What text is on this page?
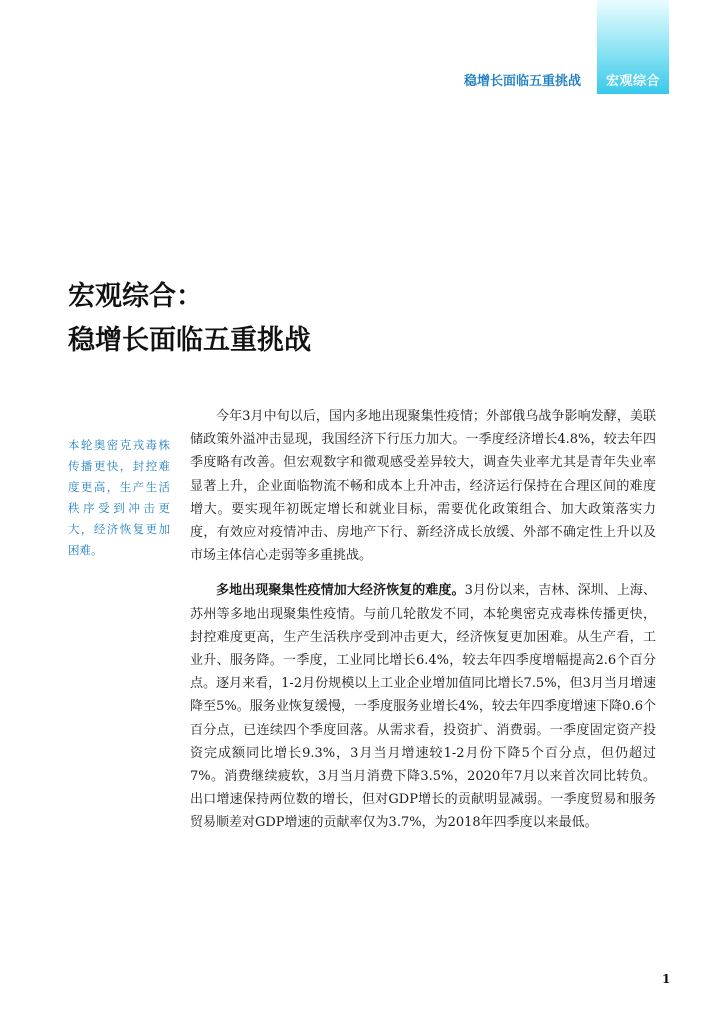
宏观综合
稳增长面临五重挑战
宏观综合：
稳增长面临五重挑战
本轮奥密克戎毒株传播更快，封控难度更高，生产生活秩序受到冲击更大，经济恢复更加困难。

今年3月中旬以后，国内多地出现聚集性疫情；外部俄乌战争影响发酵，美联储政策外溢冲击显现，我国经济下行压力加大。一季度经济增长4.8%，较去年四季度略有改善。但宏观数字和微观感受差异较大，调查失业率尤其是青年失业率显著上升，企业面临物流不畅和成本上升冲击，经济运行保持在合理区间的难度增大。要实现年初既定增长和就业目标，需要优化政策组合、加大政策落实力度，有效应对疫情冲击、房地产下行、新经济成长放缓、外部不确定性上升以及市场主体信心走弱等多重挑战。

多地出现聚集性疫情加大经济恢复的难度。3月份以来，吉林、深圳、上海、苏州等多地出现聚集性疫情。与前几轮散发不同，本轮奥密克戎毒株传播更快，封控难度更高，生产生活秩序受到冲击更大，经济恢复更加困难。从生产看，工业升、服务降。一季度，工业同比增长6.4%，较去年四季度增幅提高2.6个百分点。逐月来看，1-2月份规模以上工业企业增加值同比增长7.5%，但3月当月增速降至5%。服务业恢复缓慢，一季度服务业增长4%，较去年四季度增速下降0.6个百分点，已连续四个季度回落。从需求看，投资扩、消费弱。一季度固定资产投资完成额同比增长9.3%，3月当月增速较1-2月份下降5个百分点，但仍超过7%。消费继续疲软，3月当月消费下降3.5%，2020年7月以来首次同比转负。出口增速保持两位数的增长，但对GDP增长的贡献明显减弱。一季度贸易和服务贸易顺差对GDP增速的贡献率仅为3.7%，为2018年四季度以来最低。

1
